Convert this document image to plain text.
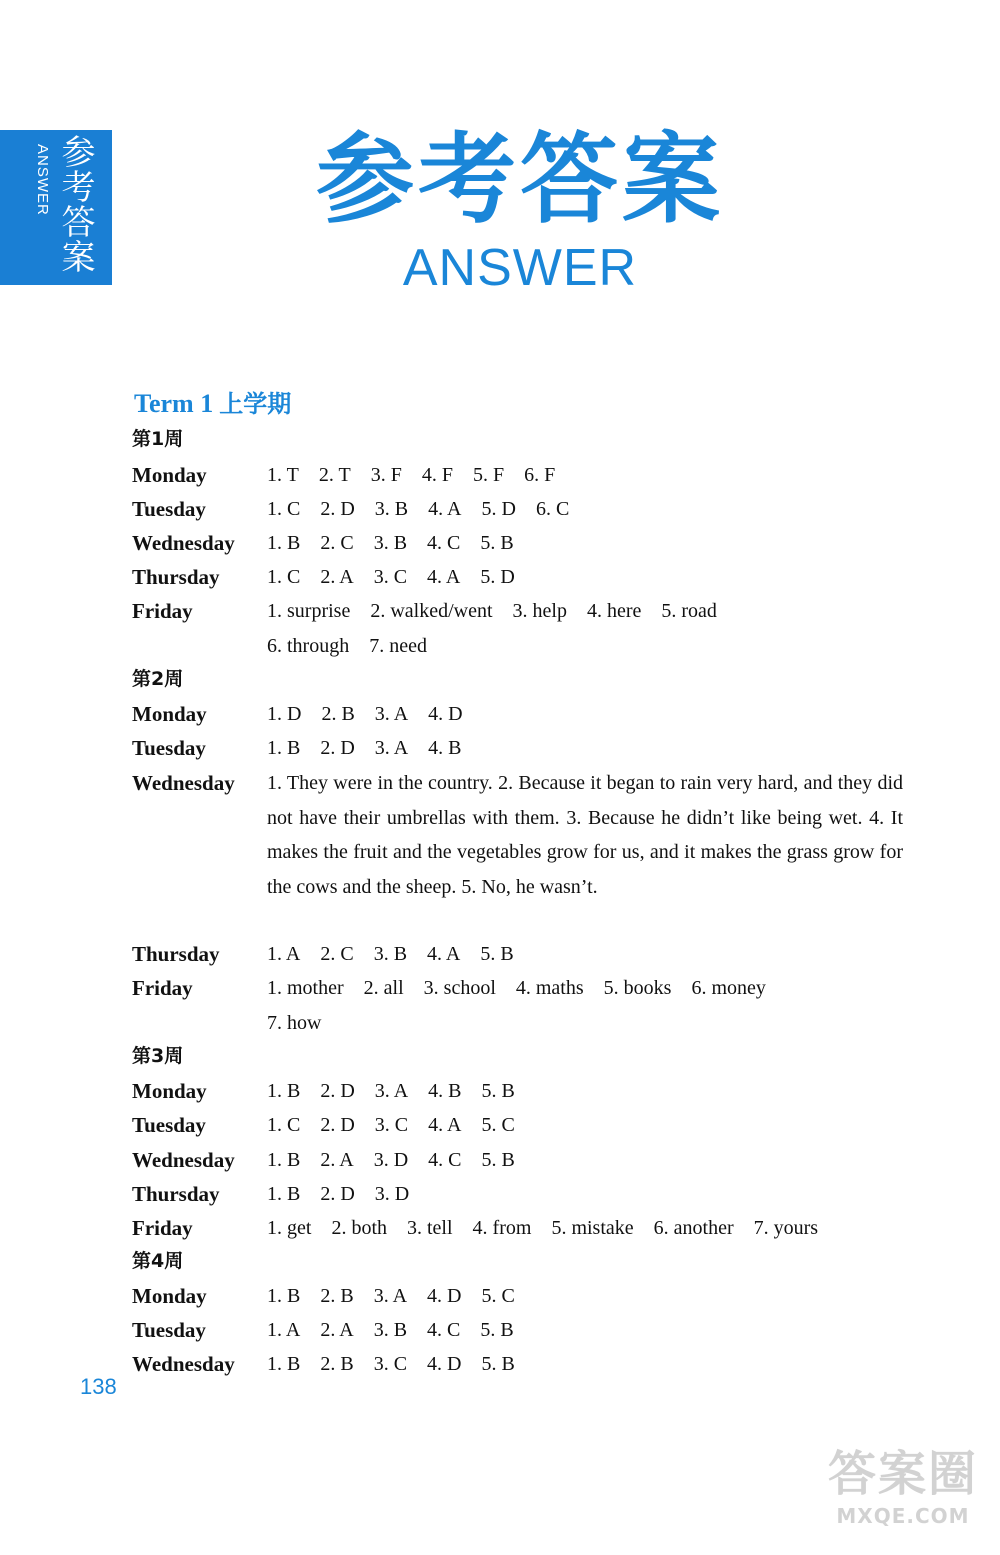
参考答案
ANSWER	参考答案
ANSWER
Term 1 上学期
第1周
Monday	1. T 2. T 3. F 4. F 5. F 6. F
Tuesday	1. C 2. D 3. B 4. A 5. D 6. C
Wednesday 1. B 2. C 3. B 4. C 5. B
Thursday 1. C 2. A 3. C 4. A 5. D
Friday	1. surprise 2. walked/went 3. help 4. here 5. road
6. through 7. need
第2周
Monday	1. D 2. B 3. A 4. D
Tuesday	1. B 2. D 3. A 4. B
Wednesday 1. They were in the country. 2. Because it began to rain very hard, and they did not have their umbrellas with them. 3. Because he didn’t like being wet. 4. It makes the fruit and the vegetables grow for us, and it makes the grass grow for the cows and the sheep. 5. No, he wasn’t.
Thursday 1. A 2. C 3. B 4. A 5. B
Friday	1. mother 2. all 3. school 4. maths 5. books 6. money
7. how
第3周
Monday	1. B 2. D 3. A 4. B 5. B
Tuesday	1. C 2. D 3. C 4. A 5. C
Wednesday 1. B 2. A 3. D 4. C 5. B
Thursday 1. B 2. D 3. D
Friday	1. get 2. both 3. tell 4. from 5. mistake 6. another 7. yours
第4周
Monday	1. B 2. B 3. A 4. D 5. C
Tuesday	1. A 2. A 3. B 4. C 5. B
Wednesday 1. B 2. B 3. C 4. D 5. B
138
答案圈
MXQE.COM
